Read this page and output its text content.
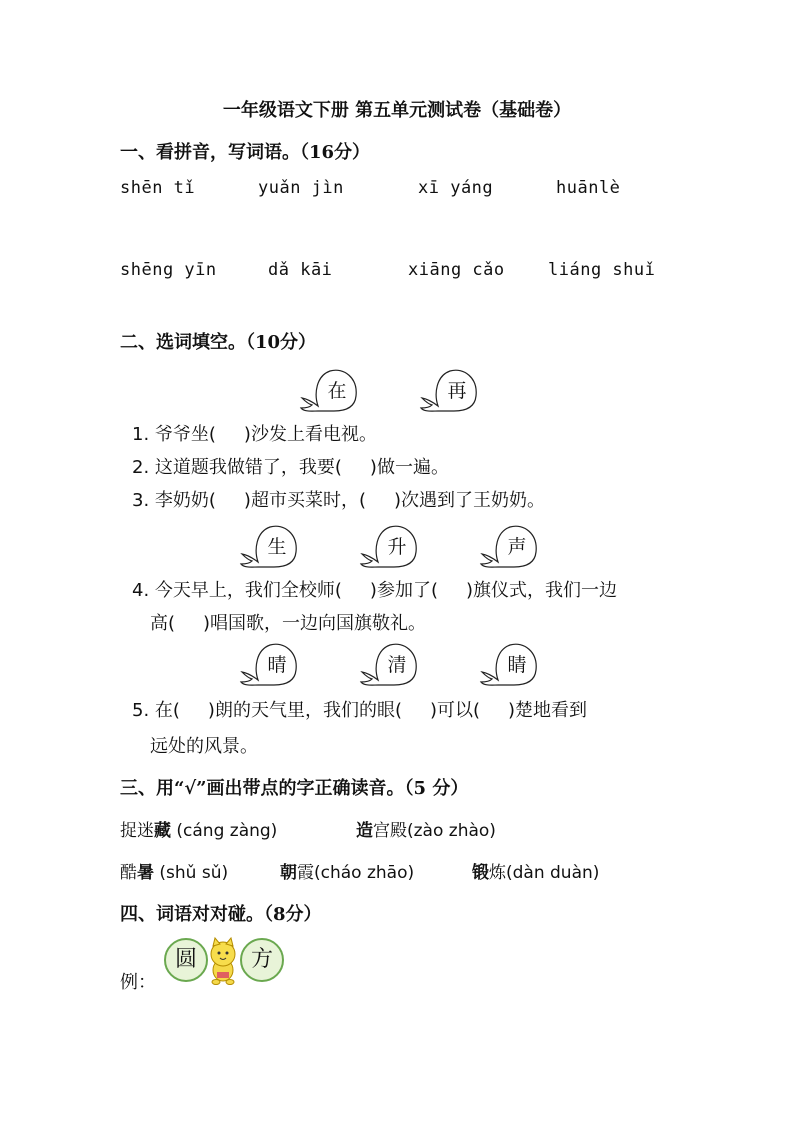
一年级语文下册 第五单元测试卷（基础卷）
一、看拼音，写词语。（16分）
shēn tǐ	yuǎn jìn	xī yáng	huānlè
shēng yīn	dǎ kāi	xiāng cǎo	liáng shuǐ
二、选词填空。（10分）
在	再
1. 爷爷坐( )沙发上看电视。
2. 这道题我做错了，我要( )做一遍。
3. 李奶奶( )超市买菜时，( )次遇到了王奶奶。
生	升	声
4. 今天早上，我们全校师( )参加了( )旗仪式，我们一边
高( )唱国歌，一边向国旗敬礼。
晴	清	睛
5. 在( )朗的天气里，我们的眼( )可以( )楚地看到
远处的风景。
三、用“√”画出带点的字正确读音。（5 分）
捉迷藏 (cáng zàng)	造宫殿(zào zhào)
酷暑 (shǔ sǔ)	朝霞(cháo zhāo)	锻炼(dàn duàn)
四、词语对对碰。（8分）
例：
圆	方
